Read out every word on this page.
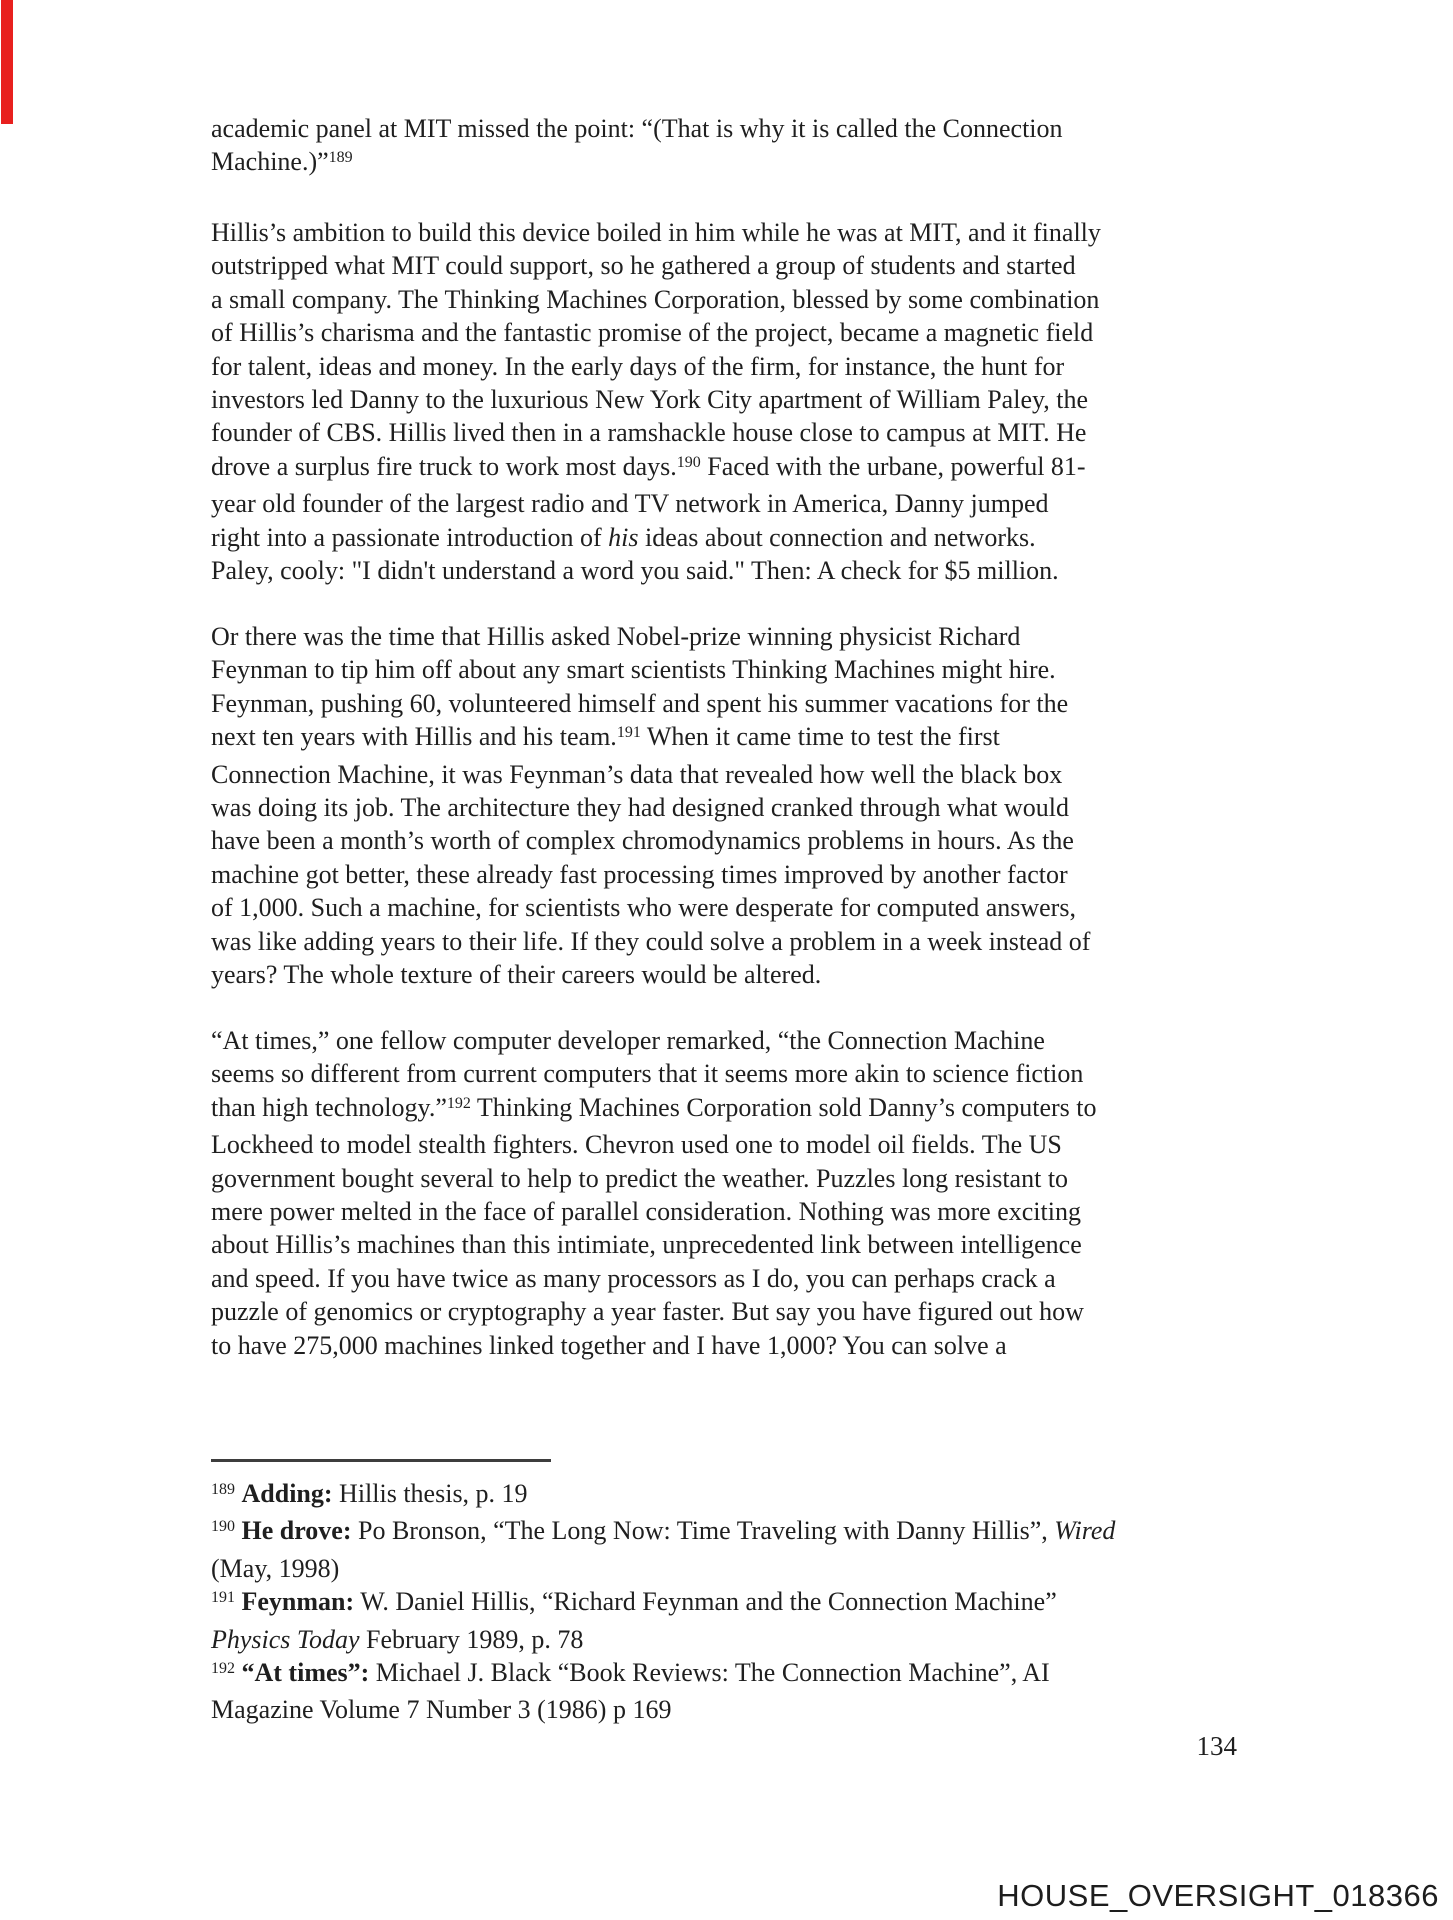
academic panel at MIT missed the point: “(That is why it is called the Connection
Machine.)”$^{189}$
Hillis’s ambition to build this device boiled in him while he was at MIT, and it finally
outstripped what MIT could support, so he gathered a group of students and started
a small company. The Thinking Machines Corporation, blessed by some combination
of Hillis’s charisma and the fantastic promise of the project, became a magnetic field
for talent, ideas and money. In the early days of the firm, for instance, the hunt for
investors led Danny to the luxurious New York City apartment of William Paley, the
founder of CBS. Hillis lived then in a ramshackle house close to campus at MIT. He
drove a surplus fire truck to work most days.$^{190}$ Faced with the urbane, powerful 81-
year old founder of the largest radio and TV network in America, Danny jumped
right into a passionate introduction of his ideas about connection and networks.
Paley, cooly: "I didn't understand a word you said." Then: A check for $5 million.
Or there was the time that Hillis asked Nobel-prize winning physicist Richard
Feynman to tip him off about any smart scientists Thinking Machines might hire.
Feynman, pushing 60, volunteered himself and spent his summer vacations for the
next ten years with Hillis and his team.$^{191}$ When it came time to test the first
Connection Machine, it was Feynman’s data that revealed how well the black box
was doing its job. The architecture they had designed cranked through what would
have been a month’s worth of complex chromodynamics problems in hours. As the
machine got better, these already fast processing times improved by another factor
of 1,000. Such a machine, for scientists who were desperate for computed answers,
was like adding years to their life. If they could solve a problem in a week instead of
years? The whole texture of their careers would be altered.
“At times,” one fellow computer developer remarked, “the Connection Machine
seems so different from current computers that it seems more akin to science fiction
than high technology.”$^{192}$ Thinking Machines Corporation sold Danny’s computers to
Lockheed to model stealth fighters. Chevron used one to model oil fields. The US
government bought several to help to predict the weather. Puzzles long resistant to
mere power melted in the face of parallel consideration. Nothing was more exciting
about Hillis’s machines than this intimiate, unprecedented link between intelligence
and speed. If you have twice as many processors as I do, you can perhaps crack a
puzzle of genomics or cryptography a year faster. But say you have figured out how
to have 275,000 machines linked together and I have 1,000? You can solve a
$^{189}$ Adding: Hillis thesis, p. 19
$^{190}$ He drove: Po Bronson, “The Long Now: Time Traveling with Danny Hillis”, Wired
(May, 1998)
$^{191}$ Feynman: W. Daniel Hillis, “Richard Feynman and the Connection Machine”
Physics Today February 1989, p. 78
$^{192}$ “At times”: Michael J. Black “Book Reviews: The Connection Machine”, AI
Magazine Volume 7 Number 3 (1986) p 169
134
HOUSE_OVERSIGHT_018366
